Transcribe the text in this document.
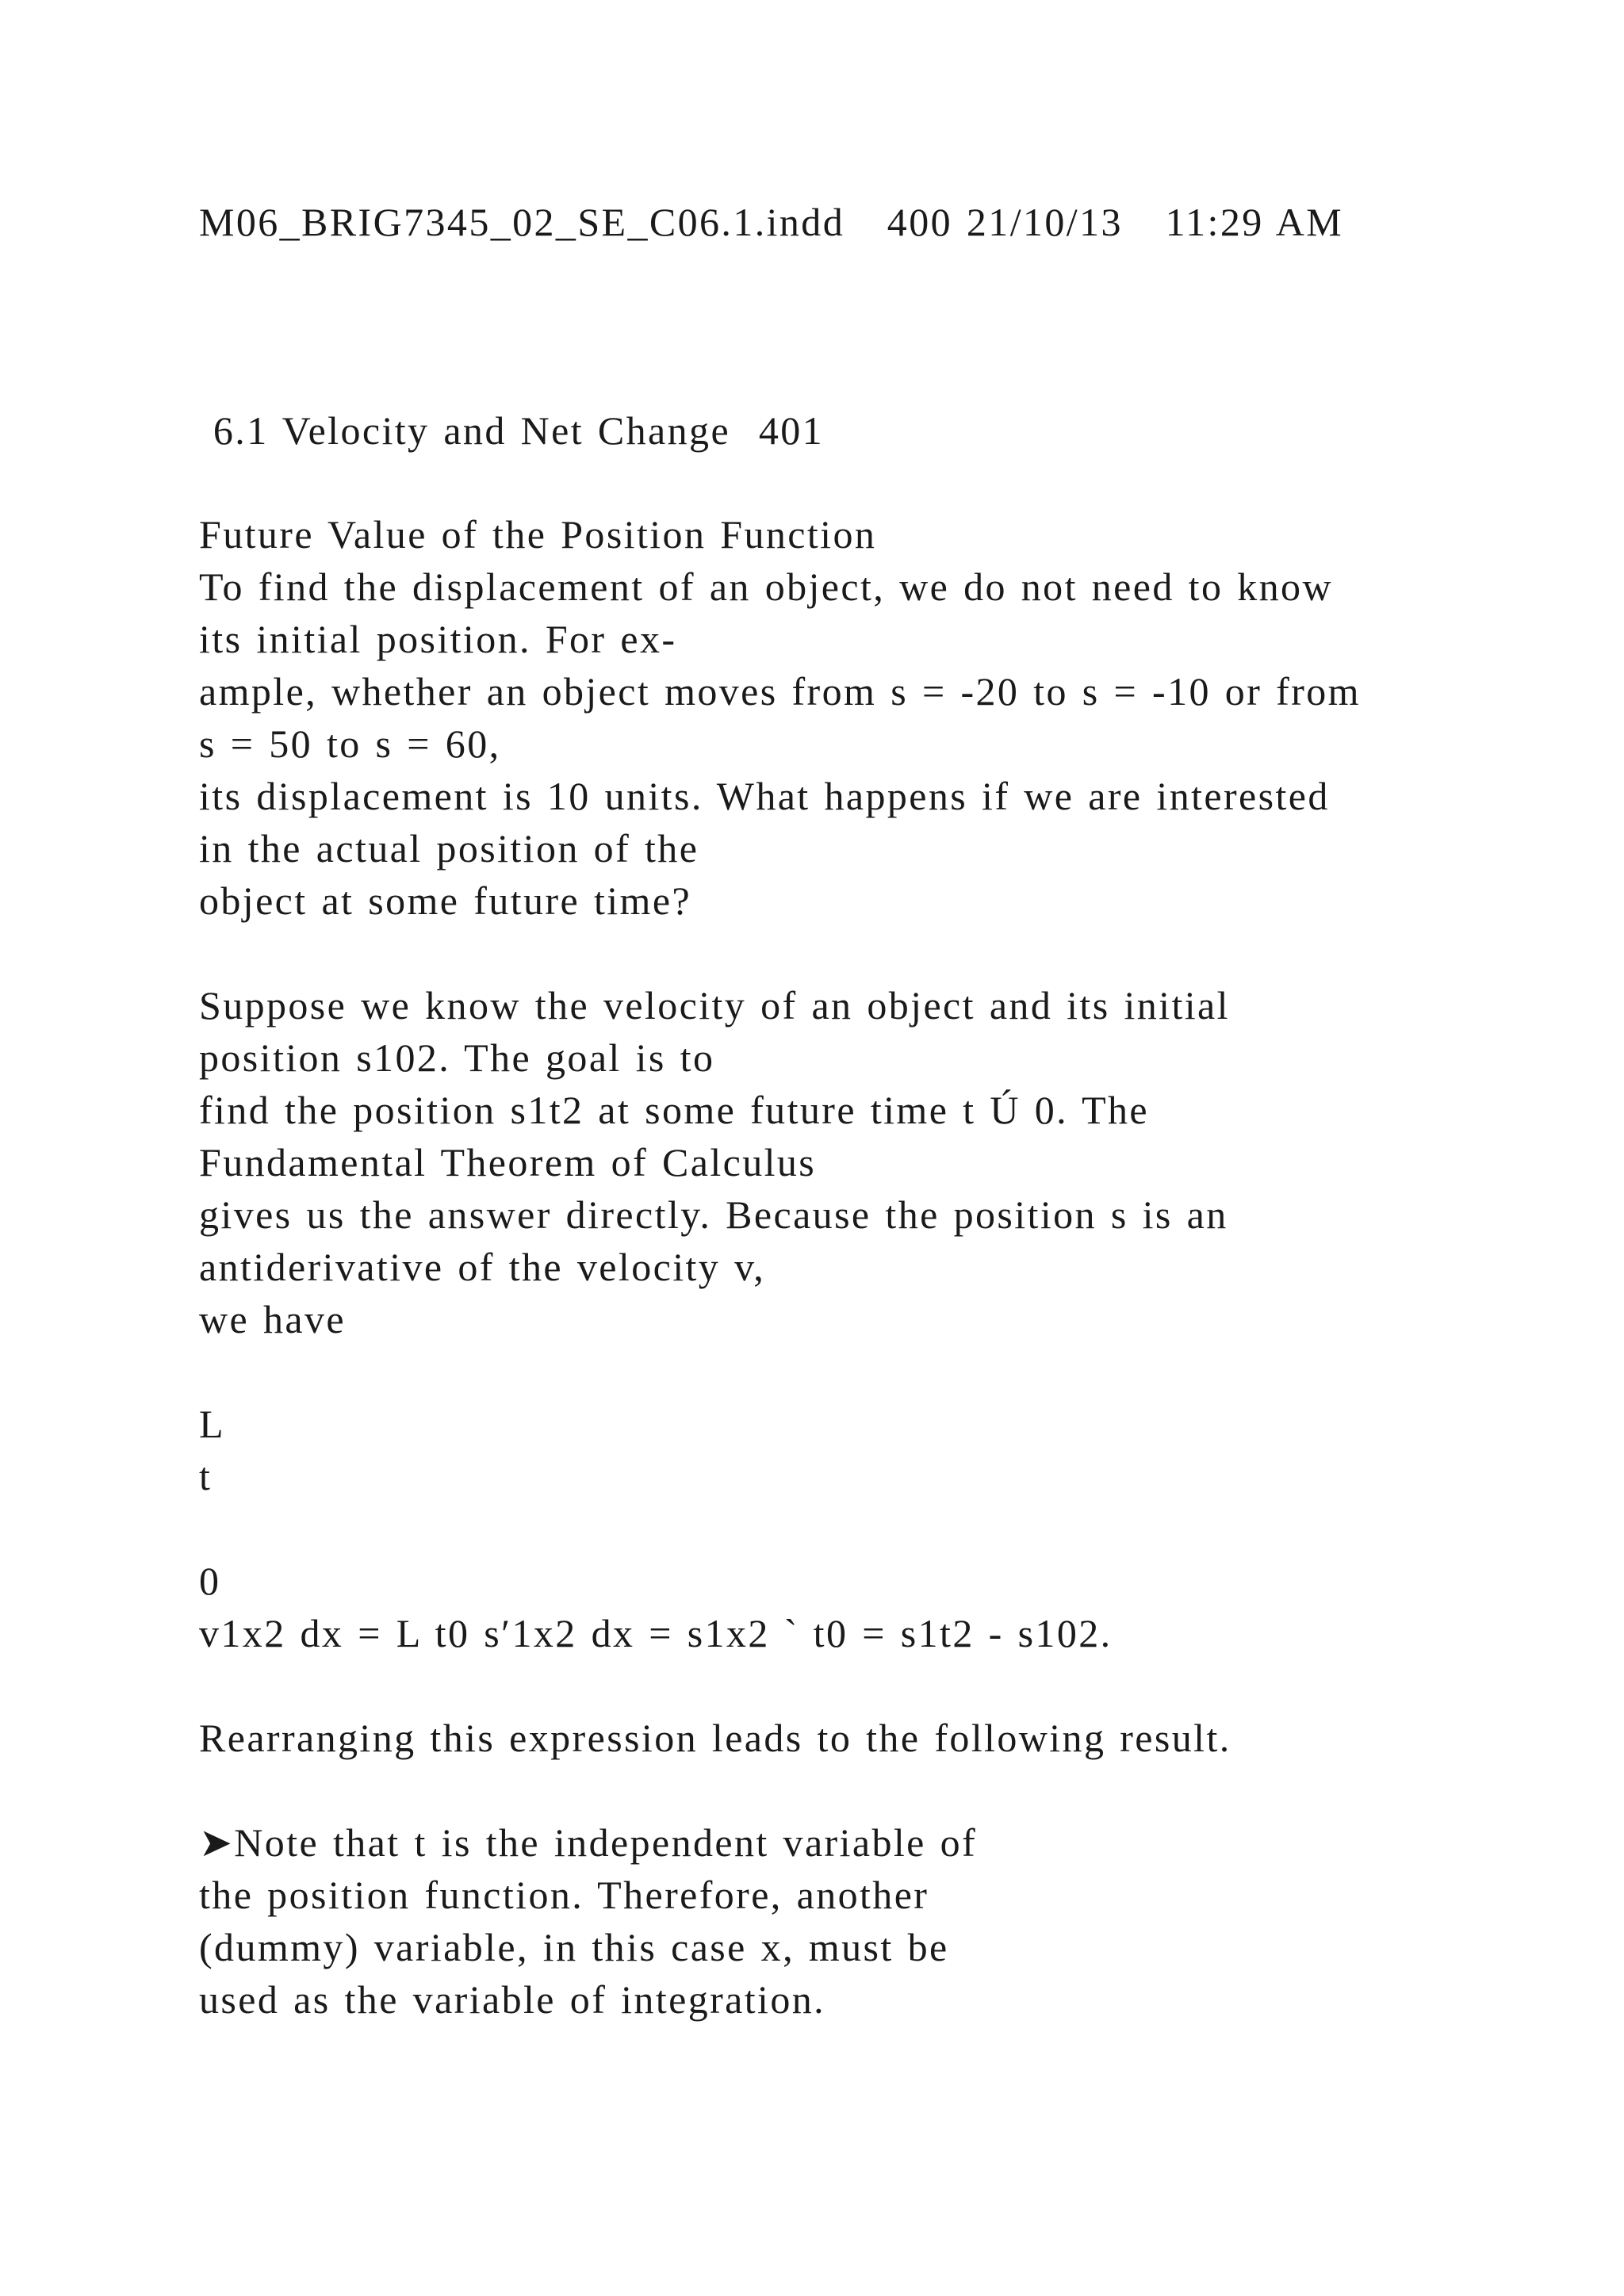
M06_BRIG7345_02_SE_C06.1.indd   400 21/10/13   11:29 AM
6.1 Velocity and Net Change  401
Future Value of the Position Function
To find the displacement of an object, we do not need to know
its initial position. For ex-
ample, whether an object moves from s = -20 to s = -10 or from
s = 50 to s = 60,
its displacement is 10 units. What happens if we are interested
in the actual position of the
object at some future time?
Suppose we know the velocity of an object and its initial
position s102. The goal is to
find the position s1t2 at some future time t Ú 0. The
Fundamental Theorem of Calculus
gives us the answer directly. Because the position s is an
antiderivative of the velocity v,
we have
L
t
0
v1x2 dx = L t0 s′1x2 dx = s1x2 ` t0 = s1t2 - s102.
Rearranging this expression leads to the following result.
➤Note that t is the independent variable of
the position function. Therefore, another
(dummy) variable, in this case x, must be
used as the variable of integration.
